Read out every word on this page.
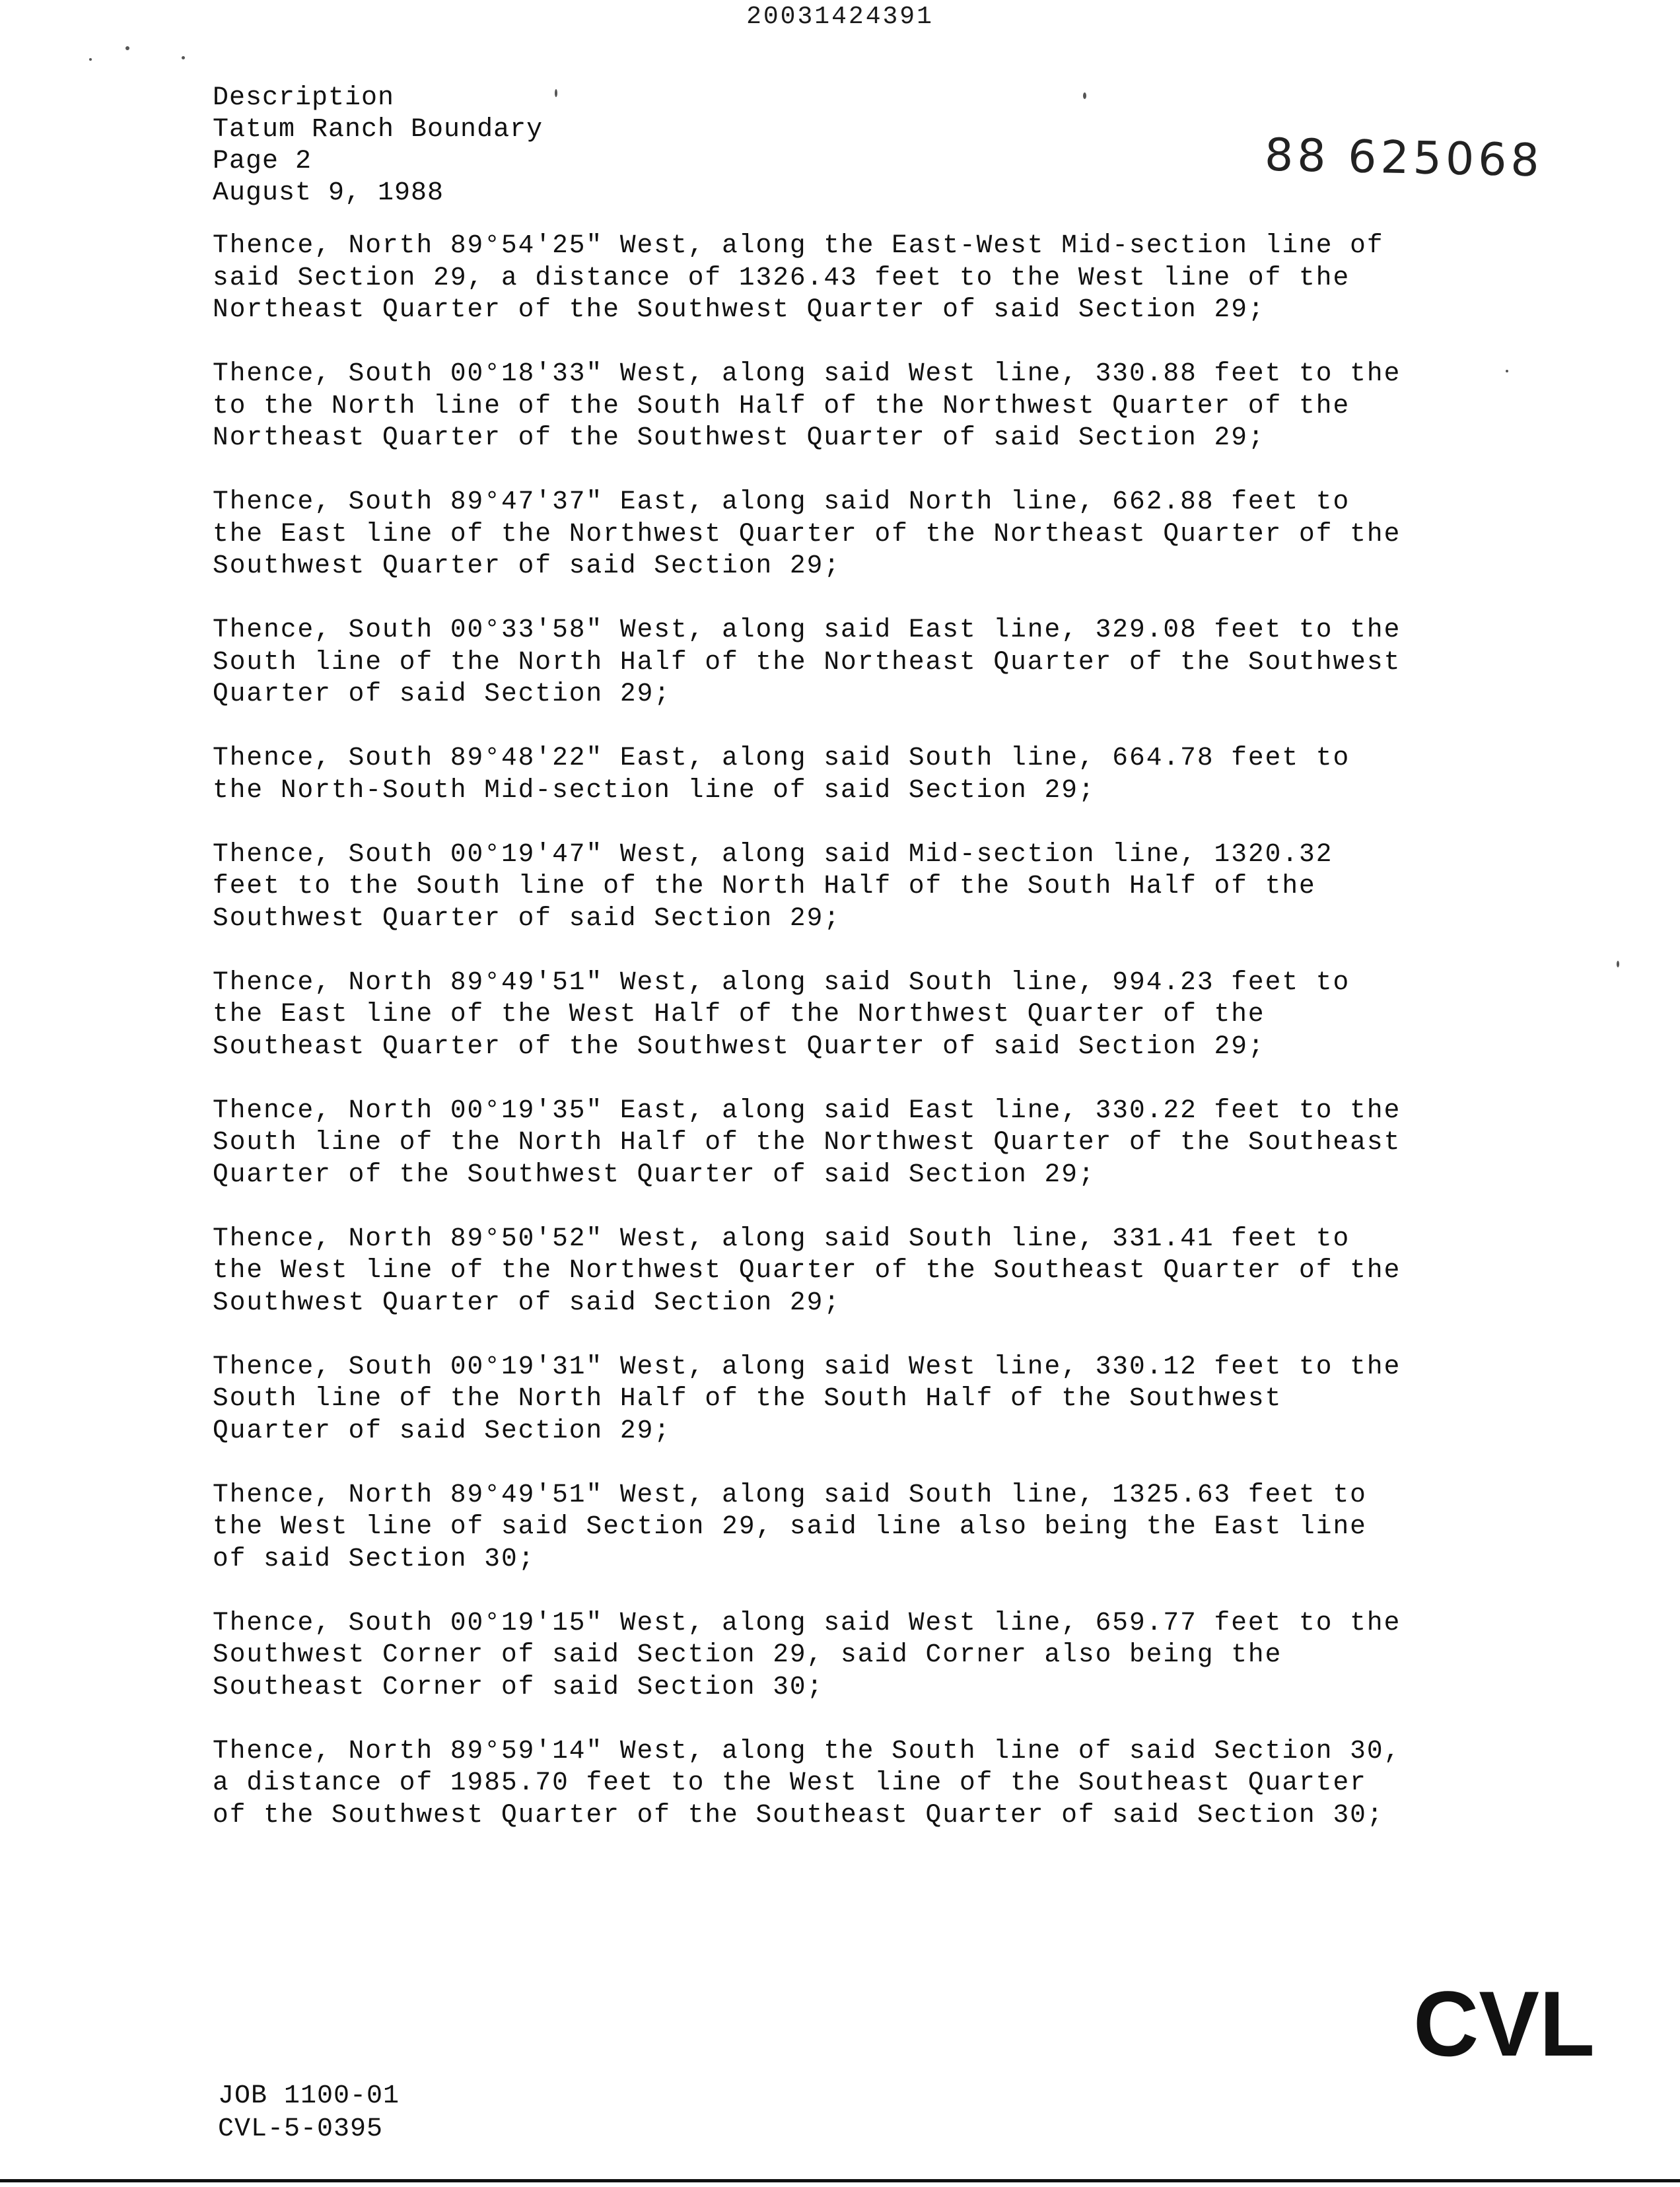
20031424391
Description
Tatum Ranch Boundary
Page 2
August 9, 1988
88 625068
Thence, North 89°54'25" West, along the East-West Mid-section line of
said Section 29, a distance of 1326.43 feet to the West line of the
Northeast Quarter of the Southwest Quarter of said Section 29;
Thence, South 00°18'33" West, along said West line, 330.88 feet to the
to the North line of the South Half of the Northwest Quarter of the
Northeast Quarter of the Southwest Quarter of said Section 29;
Thence, South 89°47'37" East, along said North line, 662.88 feet to
the East line of the Northwest Quarter of the Northeast Quarter of the
Southwest Quarter of said Section 29;
Thence, South 00°33'58" West, along said East line, 329.08 feet to the
South line of the North Half of the Northeast Quarter of the Southwest
Quarter of said Section 29;
Thence, South 89°48'22" East, along said South line, 664.78 feet to
the North-South Mid-section line of said Section 29;
Thence, South 00°19'47" West, along said Mid-section line, 1320.32
feet to the South line of the North Half of the South Half of the
Southwest Quarter of said Section 29;
Thence, North 89°49'51" West, along said South line, 994.23 feet to
the East line of the West Half of the Northwest Quarter of the
Southeast Quarter of the Southwest Quarter of said Section 29;
Thence, North 00°19'35" East, along said East line, 330.22 feet to the
South line of the North Half of the Northwest Quarter of the Southeast
Quarter of the Southwest Quarter of said Section 29;
Thence, North 89°50'52" West, along said South line, 331.41 feet to
the West line of the Northwest Quarter of the Southeast Quarter of the
Southwest Quarter of said Section 29;
Thence, South 00°19'31" West, along said West line, 330.12 feet to the
South line of the North Half of the South Half of the Southwest
Quarter of said Section 29;
Thence, North 89°49'51" West, along said South line, 1325.63 feet to
the West line of said Section 29, said line also being the East line
of said Section 30;
Thence, South 00°19'15" West, along said West line, 659.77 feet to the
Southwest Corner of said Section 29, said Corner also being the
Southeast Corner of said Section 30;
Thence, North 89°59'14" West, along the South line of said Section 30,
a distance of 1985.70 feet to the West line of the Southeast Quarter
of the Southwest Quarter of the Southeast Quarter of said Section 30;
JOB 1100-01
CVL-5-0395
CVL
